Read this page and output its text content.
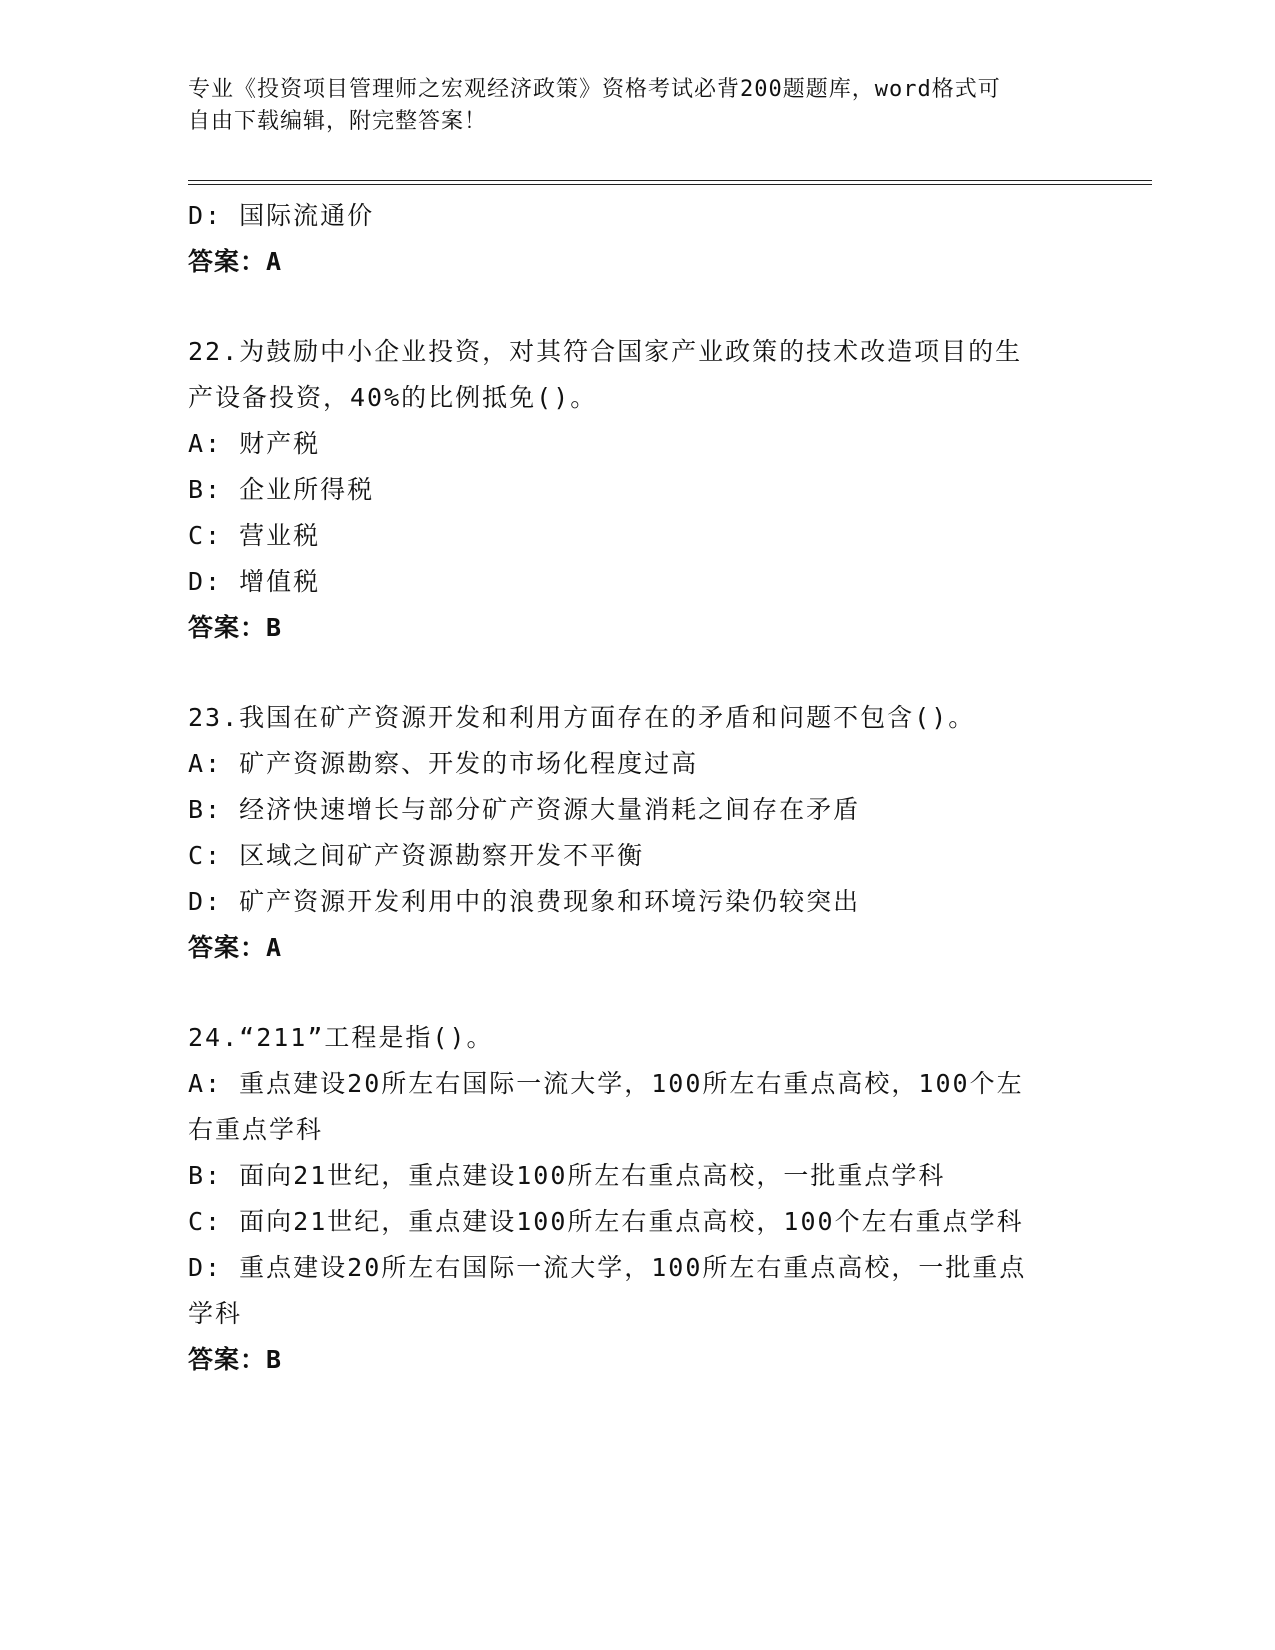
专业《投资项目管理师之宏观经济政策》资格考试必背200题题库，word格式可
自由下载编辑，附完整答案！
D: 国际流通价
答案：A
22.为鼓励中小企业投资，对其符合国家产业政策的技术改造项目的生
产设备投资，40%的比例抵免()。
A: 财产税
B: 企业所得税
C: 营业税
D: 增值税
答案：B
23.我国在矿产资源开发和利用方面存在的矛盾和问题不包含()。
A: 矿产资源勘察、开发的市场化程度过高
B: 经济快速增长与部分矿产资源大量消耗之间存在矛盾
C: 区域之间矿产资源勘察开发不平衡
D: 矿产资源开发利用中的浪费现象和环境污染仍较突出
答案：A
24.“211”工程是指()。
A: 重点建设20所左右国际一流大学，100所左右重点高校，100个左
右重点学科
B: 面向21世纪，重点建设100所左右重点高校，一批重点学科
C: 面向21世纪，重点建设100所左右重点高校，100个左右重点学科
D: 重点建设20所左右国际一流大学，100所左右重点高校，一批重点
学科
答案：B
